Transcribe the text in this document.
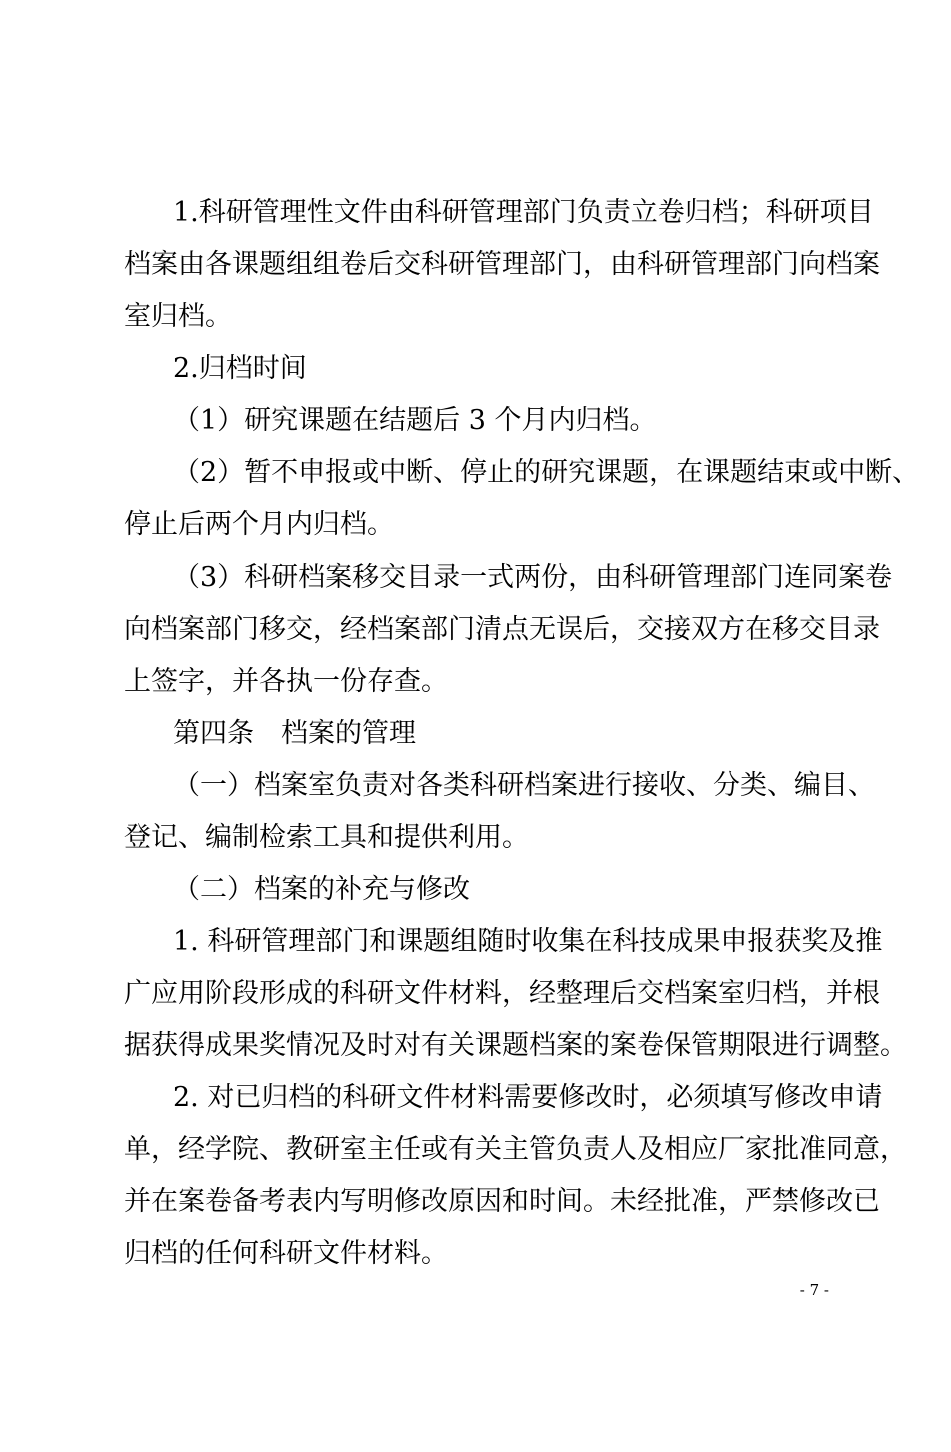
1.科研管理性文件由科研管理部门负责立卷归档；科研项目
档案由各课题组组卷后交科研管理部门，由科研管理部门向档案
室归档。
2.归档时间
（1）研究课题在结题后 3 个月内归档。
（2）暂不申报或中断、停止的研究课题，在课题结束或中断、
停止后两个月内归档。
（3）科研档案移交目录一式两份，由科研管理部门连同案卷
向档案部门移交，经档案部门清点无误后，交接双方在移交目录
上签字，并各执一份存查。
第四条　档案的管理
（一）档案室负责对各类科研档案进行接收、分类、编目、
登记、编制检索工具和提供利用。
（二）档案的补充与修改
1. 科研管理部门和课题组随时收集在科技成果申报获奖及推
广应用阶段形成的科研文件材料，经整理后交档案室归档，并根
据获得成果奖情况及时对有关课题档案的案卷保管期限进行调整。
2. 对已归档的科研文件材料需要修改时，必须填写修改申请
单，经学院、教研室主任或有关主管负责人及相应厂家批准同意，
并在案卷备考表内写明修改原因和时间。未经批准，严禁修改已
归档的任何科研文件材料。
- 7 -
